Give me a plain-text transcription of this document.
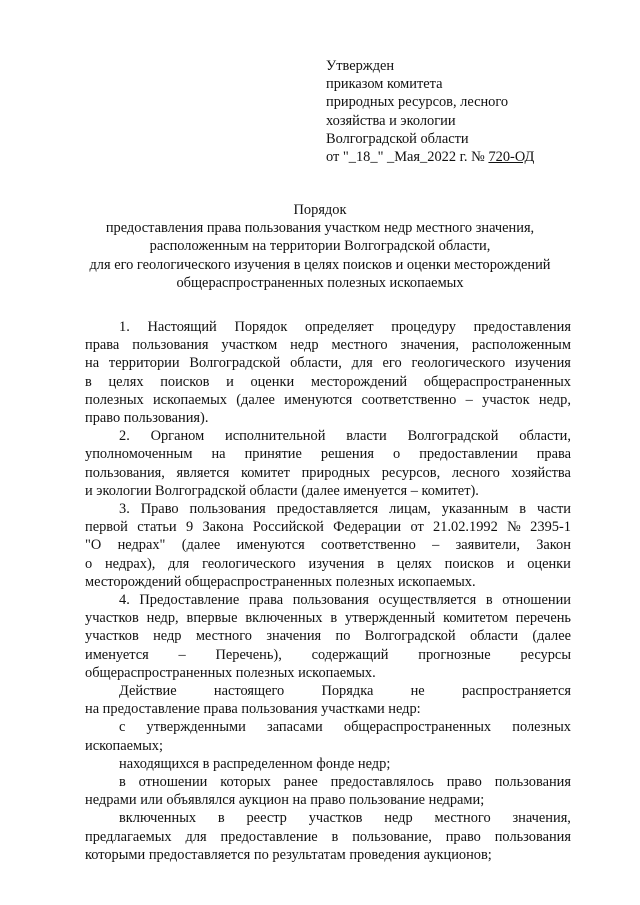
Утвержден
приказом комитета
природных ресурсов, лесного
хозяйства и экологии
Волгоградской области
от "_18_" _Мая_2022 г. № 720-ОД
Порядок
предоставления права пользования участком недр местного значения,
расположенным на территории Волгоградской области,
для его геологического изучения в целях поисков и оценки месторождений
общераспространенных полезных ископаемых
1. Настоящий Порядок определяет процедуру предоставления
права пользования участком недр местного значения, расположенным
на территории Волгоградской области, для его геологического изучения
в целях поисков и оценки месторождений общераспространенных
полезных ископаемых (далее именуются соответственно – участок недр,
право пользования).
2. Органом исполнительной власти Волгоградской области,
уполномоченным на принятие решения о предоставлении права
пользования, является комитет природных ресурсов, лесного хозяйства
и экологии Волгоградской области (далее именуется – комитет).
3. Право пользования предоставляется лицам, указанным в части
первой статьи 9 Закона Российской Федерации от 21.02.1992 № 2395-1
"О недрах" (далее именуются соответственно – заявители, Закон
о недрах), для геологического изучения в целях поисков и оценки
месторождений общераспространенных полезных ископаемых.
4. Предоставление права пользования осуществляется в отношении
участков недр, впервые включенных в утвержденный комитетом перечень
участков недр местного значения по Волгоградской области (далее
именуется – Перечень), содержащий прогнозные ресурсы
общераспространенных полезных ископаемых.
Действие	настоящего	Порядка	не	распространяется
на предоставление права пользования участками недр:
с утвержденными запасами общераспространенных полезных
ископаемых;
находящихся в распределенном фонде недр;
в отношении которых ранее предоставлялось право пользования
недрами или объявлялся аукцион на право пользование недрами;
включенных в реестр участков недр местного значения,
предлагаемых для предоставление в пользование, право пользования
которыми предоставляется по результатам проведения аукционов;
